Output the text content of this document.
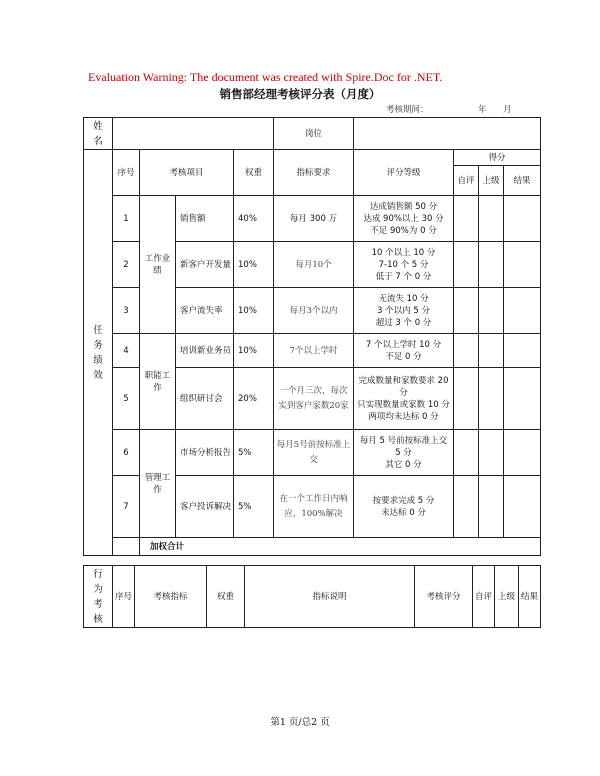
Evaluation Warning: The document was created with Spire.Doc for .NET.
销售部经理考核评分表（月度）
考核期间：	年 月
姓名					岗位				
任务绩效	序号	考核项目		权重	指标要求	评分等级	得分		
							自评	上级	结果
	1	工作业绩	销售额	40%	每月 300 万	达成销售额 50 分
达成 90%以上 30 分
不足 90%为 0 分			

	2		新客户开发量	10%	每月10个	10 个以上 10 分
7-10 个 5 分
低于 7 个 0 分			

	3		客户流失率	10%	每月3个以内	无流失 10 分
3 个以内 5 分
超过 3 个 0 分			

	4	职能工作	培训新业务员	10%	7个以上学时	7 个以上学时 10 分
不足 0 分			

	5		组织研讨会	20%	一个月三次，每次实到客户家数20家	完成数量和家数要求 20 分
只实现数量或家数 10 分
两项均未达标 0 分			

	6	管理工作	市场分析报告	5%	每月5号前按标准上交	每月 5 号前按标准上交 5 分
其它 0 分			

	7		客户投诉解决	5%	在一个工作日内响应，100%解决	按要求完成 5 分
未达标 0 分			

		加权合计							
行为考核	序号	考核指标	权重	指标说明	考核评分	自评	上级	结果
第1 页/总2 页
